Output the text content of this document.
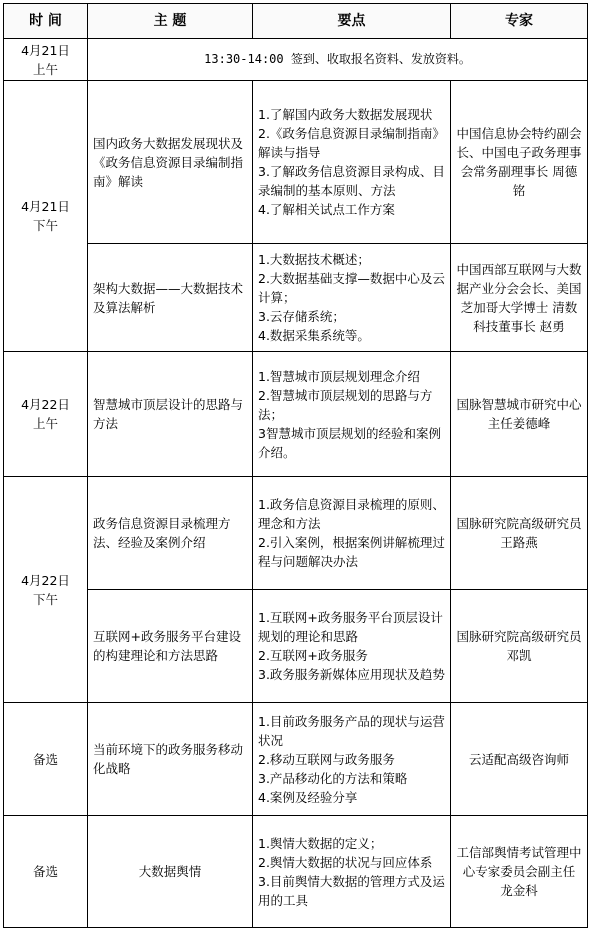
时 间	主 题	要点	专家
4月21日
上午	13:30-14:00 签到、收取报名资料、发放资料。		
4月21日
下午	国内政务大数据发展现状及《政务信息资源目录编制指南》解读	1.了解国内政务大数据发展现状
2.《政务信息资源目录编制指南》解读与指导
3.了解政务信息资源目录构成、目录编制的基本原则、方法
4.了解相关试点工作方案	中国信息协会特约副会长、中国电子政务理事会常务副理事长 周德铭
	架构大数据——大数据技术及算法解析	1.大数据技术概述；
2.大数据基础支撑—数据中心及云计算；
3.云存储系统；
4.数据采集系统等。	中国西部互联网与大数据产业分会会长、美国芝加哥大学博士 清数科技董事长 赵勇
4月22日
上午	智慧城市顶层设计的思路与方法	1.智慧城市顶层规划理念介绍
2.智慧城市顶层规划的思路与方法；
3智慧城市顶层规划的经验和案例介绍。	国脉智慧城市研究中心主任姜德峰
4月22日
下午	政务信息资源目录梳理方法、经验及案例介绍	1.政务信息资源目录梳理的原则、理念和方法
2.引入案例，根据案例讲解梳理过程与问题解决办法	国脉研究院高级研究员王路燕
	互联网+政务服务平台建设的构建理论和方法思路	1.互联网+政务服务平台顶层设计规划的理论和思路
2.互联网+政务服务
3.政务服务新媒体应用现状及趋势	国脉研究院高级研究员邓凯
备选	当前环境下的政务服务移动化战略	1.目前政务服务产品的现状与运营状况
2.移动互联网与政务服务
3.产品移动化的方法和策略
4.案例及经验分享	云适配高级咨询师
备选	大数据舆情	1.舆情大数据的定义；
2.舆情大数据的状况与回应体系
3.目前舆情大数据的管理方式及运用的工具	工信部舆情考试管理中心专家委员会副主任 龙金科
